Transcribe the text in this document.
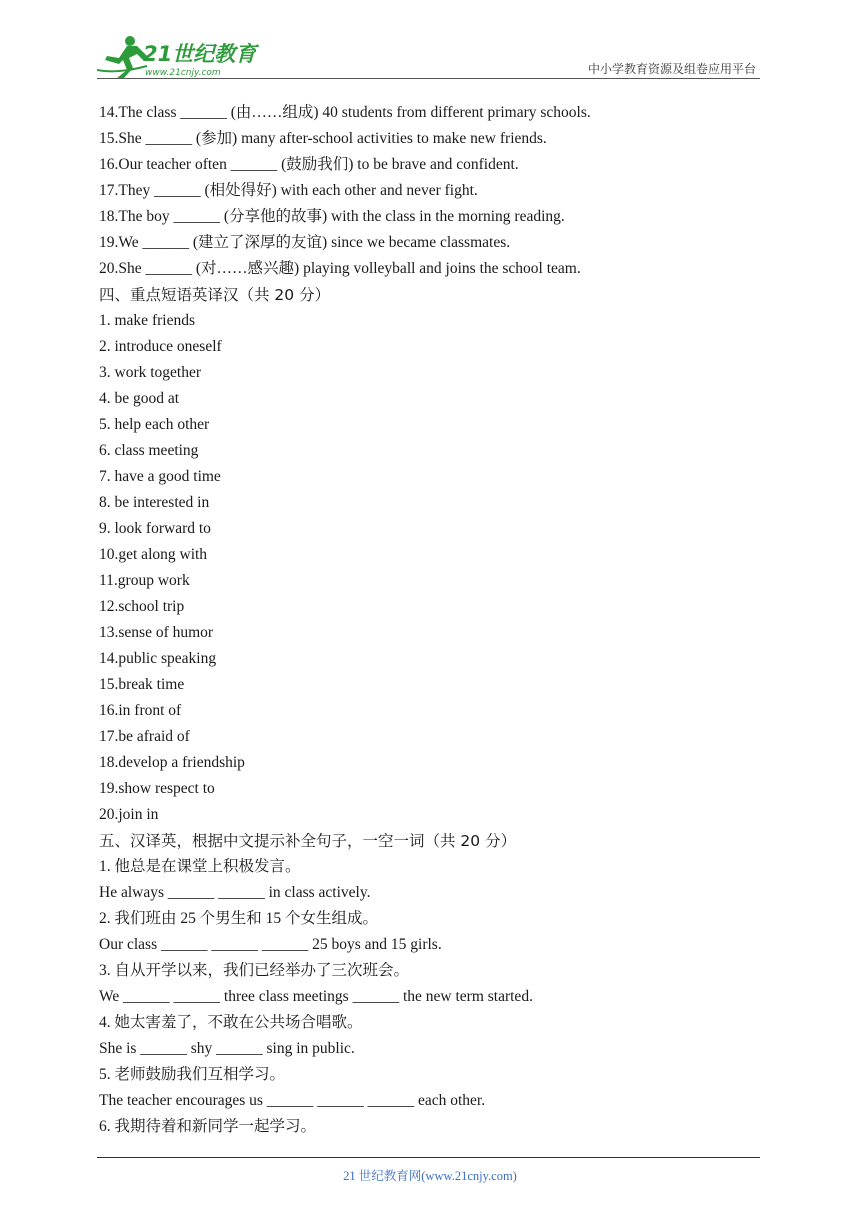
21世纪教育
www.21cnjy.com	中小学教育资源及组卷应用平台
14.The class ______ (由……组成) 40 students from different primary schools.
15.She ______ (参加) many after-school activities to make new friends.
16.Our teacher often ______ (鼓励我们) to be brave and confident.
17.They ______ (相处得好) with each other and never fight.
18.The boy ______ (分享他的故事) with the class in the morning reading.
19.We ______ (建立了深厚的友谊) since we became classmates.
20.She ______ (对……感兴趣) playing volleyball and joins the school team.
四、重点短语英译汉（共 20 分）
1. make friends
2. introduce oneself
3. work together
4. be good at
5. help each other
6. class meeting
7. have a good time
8. be interested in
9. look forward to
10.get along with
11.group work
12.school trip
13.sense of humor
14.public speaking
15.break time
16.in front of
17.be afraid of
18.develop a friendship
19.show respect to
20.join in
五、汉译英，根据中文提示补全句子，一空一词（共 20 分）
1. 他总是在课堂上积极发言。
He always ______ ______ in class actively.
2. 我们班由 25 个男生和 15 个女生组成。
Our class ______ ______ ______ 25 boys and 15 girls.
3. 自从开学以来，我们已经举办了三次班会。
We ______ ______ three class meetings ______ the new term started.
4. 她太害羞了，不敢在公共场合唱歌。
She is ______ shy ______ sing in public.
5. 老师鼓励我们互相学习。
The teacher encourages us ______ ______ ______ each other.
6. 我期待着和新同学一起学习。
21 世纪教育网(www.21cnjy.com)
